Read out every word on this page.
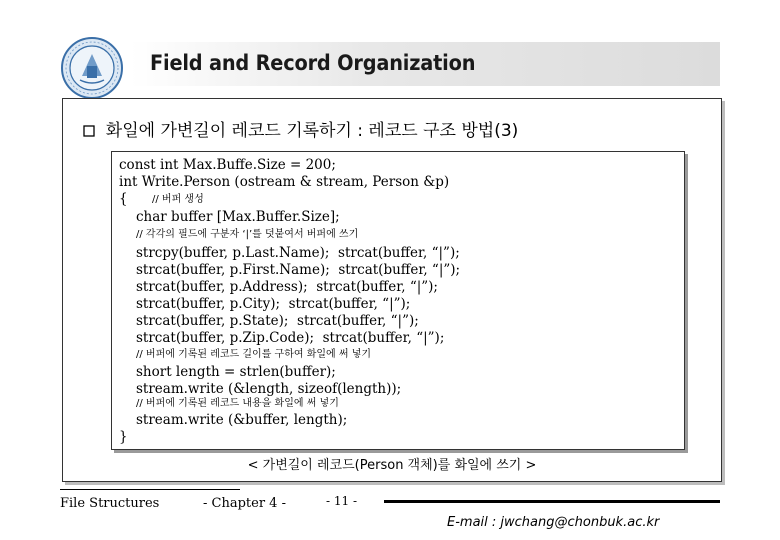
Field and Record Organization
화일에 가변길이 레코드 기록하기 : 레코드 구조 방법(3)
const int Max.Buffe.Size = 200;
int Write.Person (ostream & stream, Person &p)
{ // 버퍼 생성
char buffer [Max.Buffer.Size];
// 각각의 필드에 구분자 ‘|’를 덧붙여서 버퍼에 쓰기
strcpy(buffer, p.Last.Name);  strcat(buffer, “|”);
strcat(buffer, p.First.Name);  strcat(buffer, “|”);
strcat(buffer, p.Address);  strcat(buffer, “|”);
strcat(buffer, p.City);  strcat(buffer, “|”);
strcat(buffer, p.State);  strcat(buffer, “|”);
strcat(buffer, p.Zip.Code);  strcat(buffer, “|”);
// 버퍼에 기록된 레코드 길이를 구하여 화일에 써 넣기
short length = strlen(buffer);
stream.write (&length, sizeof(length));
// 버퍼에 기록된 레코드 내용을 화일에 써 넣기
stream.write (&buffer, length);
}
< 가변길이 레코드(Person 객체)를 화일에 쓰기 >
File Structures	- Chapter 4 -	- 11 -
E-mail : jwchang@chonbuk.ac.kr
